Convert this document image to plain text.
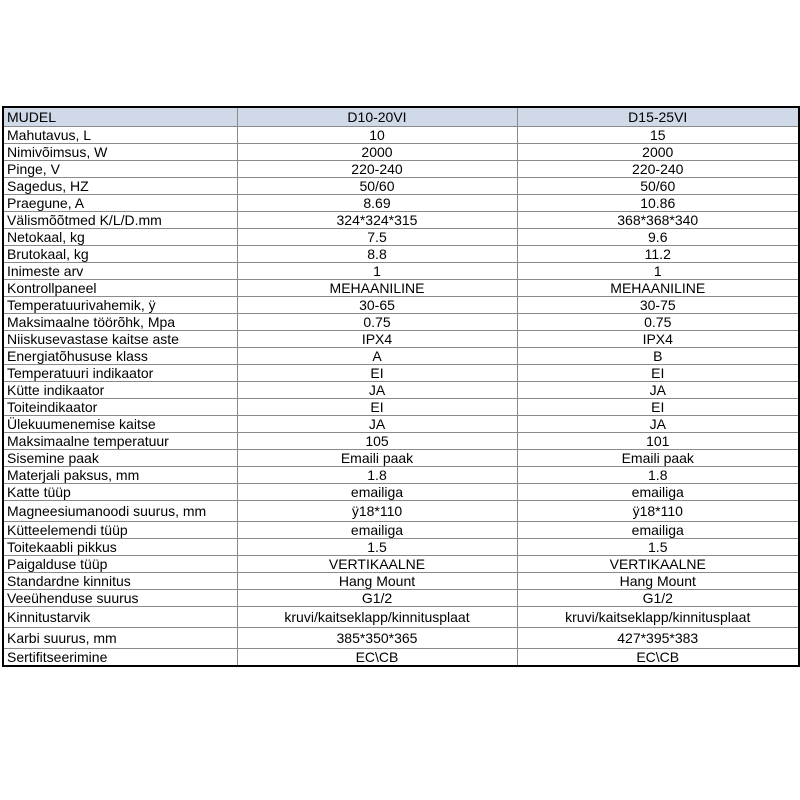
MUDEL	D10-20VI	D15-25VI
Mahutavus, L	10	15
Nimivõimsus, W	2000	2000
Pinge, V	220-240	220-240
Sagedus, HZ	50/60	50/60
Praegune, A	8.69	10.86
Välismõõtmed K/L/D.mm	324*324*315	368*368*340
Netokaal, kg	7.5	9.6
Brutokaal, kg	8.8	11.2
Inimeste arv	1	1
Kontrollpaneel	MEHAANILINE	MEHAANILINE
Temperatuurivahemik, ÿ	30-65	30-75
Maksimaalne töörõhk, Mpa	0.75	0.75
Niiskusevastase kaitse aste	IPX4	IPX4
Energiatõhususe klass	A	B
Temperatuuri indikaator	EI	EI
Kütte indikaator	JA	JA
Toiteindikaator	EI	EI
Ülekuumenemise kaitse	JA	JA
Maksimaalne temperatuur	105	101
Sisemine paak	Emaili paak	Emaili paak
Materjali paksus, mm	1.8	1.8
Katte tüüp	emailiga	emailiga
Magneesiumanoodi suurus, mm	ÿ18*110	ÿ18*110
Kütteelemendi tüüp	emailiga	emailiga
Toitekaabli pikkus	1.5	1.5
Paigalduse tüüp	VERTIKAALNE	VERTIKAALNE
Standardne kinnitus	Hang Mount	Hang Mount
Veeühenduse suurus	G1/2	G1/2
Kinnitustarvik	kruvi/kaitseklapp/kinnitusplaat	kruvi/kaitseklapp/kinnitusplaat
Karbi suurus, mm	385*350*365	427*395*383
Sertifitseerimine	EC\CB	EC\CB
